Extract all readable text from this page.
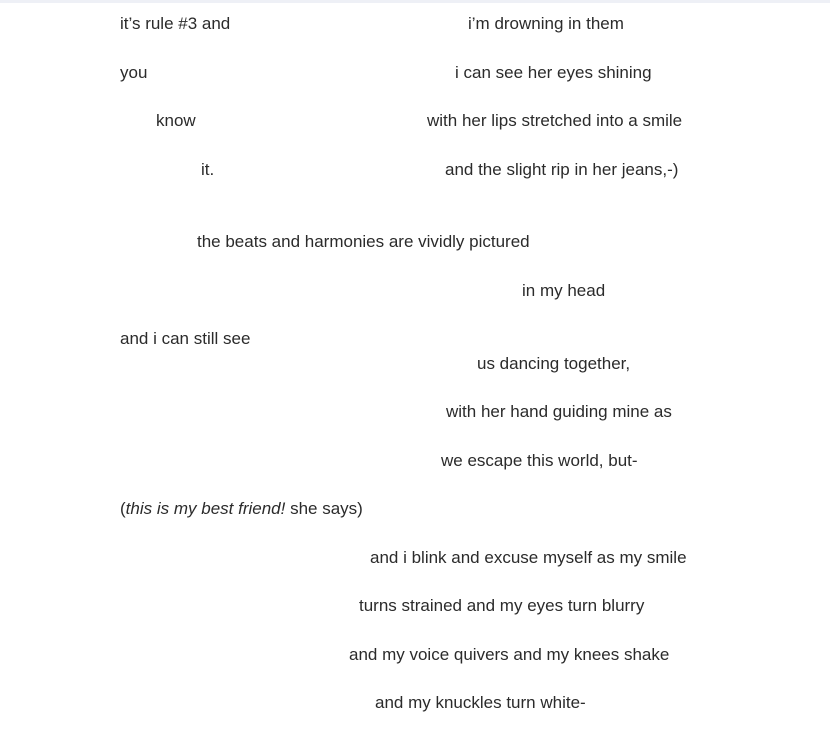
it’s rule #3 and	i’m drowning in them
you	i can see her eyes shining
know	with her lips stretched into a smile
it.	and the slight rip in her jeans,-)
the beats and harmonies are vividly pictured
in my head
and i can still see
us dancing together,
with her hand guiding mine as
we escape this world, but-
(this is my best friend! she says)
and i blink and excuse myself as my smile
turns strained and my eyes turn blurry
and my voice quivers and my knees shake
and my knuckles turn white-
